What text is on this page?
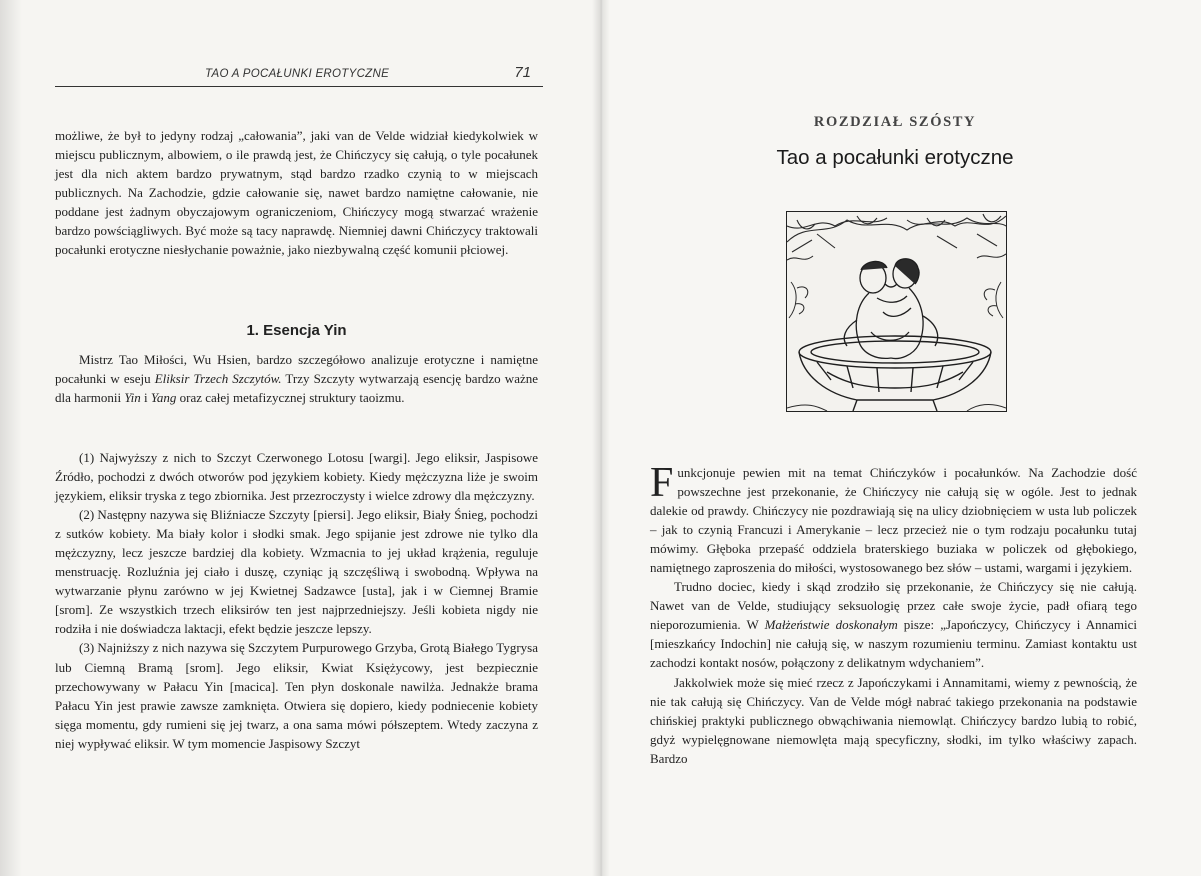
TAO A POCAŁUNKI EROTYCZNE	71

możliwe, że był to jedyny rodzaj „całowania”, jaki van de Velde widział kiedykolwiek w miejscu publicznym, albowiem, o ile prawdą jest, że Chińczycy się całują, o tyle pocałunek jest dla nich aktem bardzo prywatnym, stąd bardzo rzadko czynią to w miejscach publicznych. Na Zachodzie, gdzie całowanie się, nawet bardzo namiętne całowanie, nie poddane jest żadnym obyczajowym ograniczeniom, Chińczycy mogą stwarzać wrażenie bardzo powściągliwych. Być może są tacy naprawdę. Niemniej dawni Chińczycy traktowali pocałunki erotyczne niesłychanie poważnie, jako niezbywalną część komunii płciowej.

1. Esencja Yin

Mistrz Tao Miłości, Wu Hsien, bardzo szczegółowo analizuje erotyczne i namiętne pocałunki w eseju Eliksir Trzech Szczytów. Trzy Szczyty wytwarzają esencję bardzo ważne dla harmonii Yin i Yang oraz całej metafizycznej struktury taoizmu.

(1) Najwyższy z nich to Szczyt Czerwonego Lotosu [wargi]. Jego eliksir, Jaspisowe Źródło, pochodzi z dwóch otworów pod językiem kobiety. Kiedy mężczyzna liże je swoim językiem, eliksir tryska z tego zbiornika. Jest przezroczysty i wielce zdrowy dla mężczyzny.

(2) Następny nazywa się Bliźniacze Szczyty [piersi]. Jego eliksir, Biały Śnieg, pochodzi z sutków kobiety. Ma biały kolor i słodki smak. Jego spijanie jest zdrowe nie tylko dla mężczyzny, lecz jeszcze bardziej dla kobiety. Wzmacnia to jej układ krążenia, reguluje menstruację. Rozluźnia jej ciało i duszę, czyniąc ją szczęśliwą i swobodną. Wpływa na wytwarzanie płynu zarówno w jej Kwietnej Sadzawce [usta], jak i w Ciemnej Bramie [srom]. Ze wszystkich trzech eliksirów ten jest najprzedniejszy. Jeśli kobieta nigdy nie rodziła i nie doświadcza laktacji, efekt będzie jeszcze lepszy.

(3) Najniższy z nich nazywa się Szczytem Purpurowego Grzyba, Grotą Białego Tygrysa lub Ciemną Bramą [srom]. Jego eliksir, Kwiat Księżycowy, jest bezpiecznie przechowywany w Pałacu Yin [macica]. Ten płyn doskonale nawilża. Jednakże brama Pałacu Yin jest prawie zawsze zamknięta. Otwiera się dopiero, kiedy podniecenie kobiety sięga momentu, gdy rumieni się jej twarz, a ona sama mówi półszeptem. Wtedy zaczyna z niej wypływać eliksir. W tym momencie Jaspisowy Szczyt

ROZDZIAŁ SZÓSTY
Tao a pocałunki erotyczne

Funkcjonuje pewien mit na temat Chińczyków i pocałunków. Na Zachodzie dość powszechne jest przekonanie, że Chińczycy nie całują się w ogóle. Jest to jednak dalekie od prawdy. Chińczycy nie pozdrawiają się na ulicy dziobnięciem w usta lub policzek – jak to czynią Francuzi i Amerykanie – lecz przecież nie o tym rodzaju pocałunku tutaj mówimy. Głęboka przepaść oddziela braterskiego buziaka w policzek od głębokiego, namiętnego zaproszenia do miłości, wystosowanego bez słów – ustami, wargami i językiem.

Trudno dociec, kiedy i skąd zrodziło się przekonanie, że Chińczycy się nie całują. Nawet van de Velde, studiujący seksuologię przez całe swoje życie, padł ofiarą tego nieporozumienia. W Małżeństwie doskonałym pisze: „Japończycy, Chińczycy i Annamici [mieszkańcy Indochin] nie całują się, w naszym rozumieniu terminu. Zamiast kontaktu ust zachodzi kontakt nosów, połączony z delikatnym wdychaniem”.

Jakkolwiek może się mieć rzecz z Japończykami i Annamitami, wiemy z pewnością, że nie tak całują się Chińczycy. Van de Velde mógł nabrać takiego przekonania na podstawie chińskiej praktyki publicznego obwąchiwania niemowląt. Chińczycy bardzo lubią to robić, gdyż wypielęgnowane niemowlęta mają specyficzny, słodki, im tylko właściwy zapach. Bardzo
